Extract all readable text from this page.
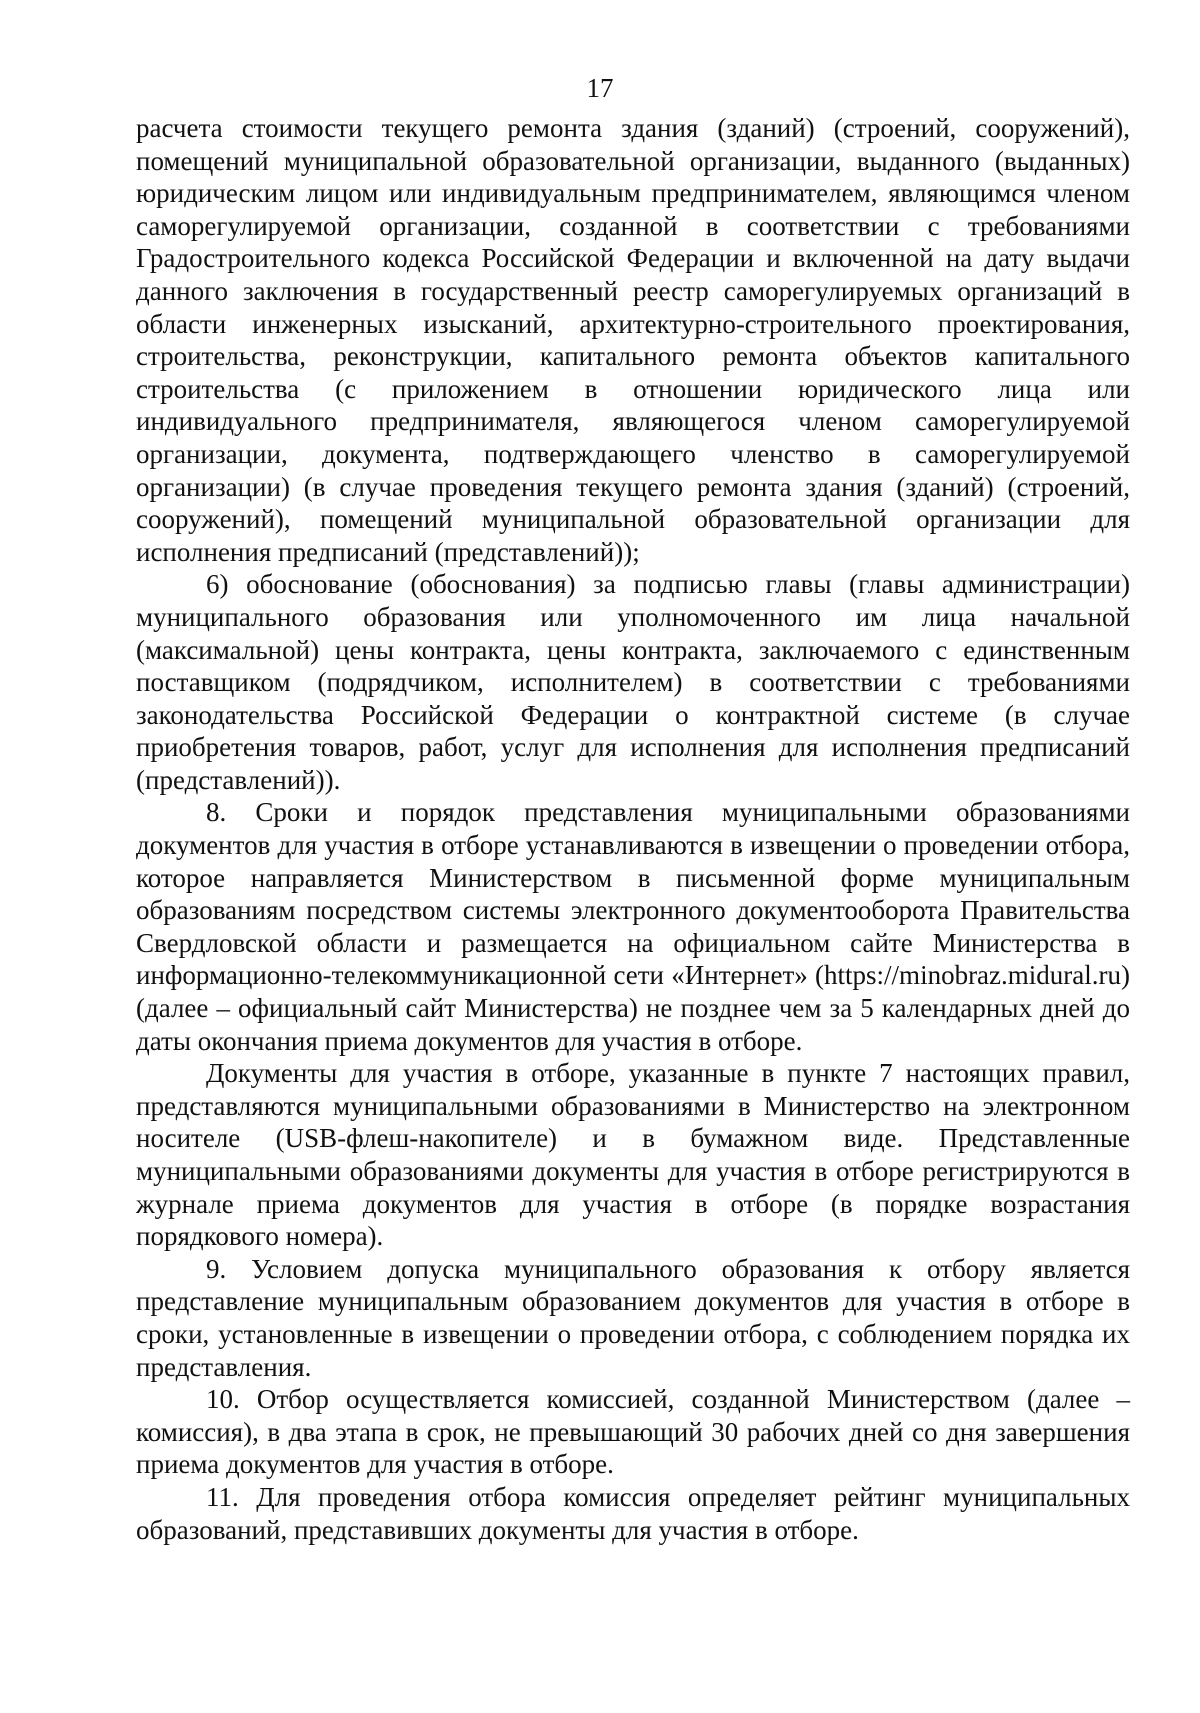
17

расчета стоимости текущего ремонта здания (зданий) (строений, сооружений), помещений муниципальной образовательной организации, выданного (выданных) юридическим лицом или индивидуальным предпринимателем, являющимся членом саморегулируемой организации, созданной в соответствии с требованиями Градостроительного кодекса Российской Федерации и включенной на дату выдачи данного заключения в государственный реестр саморегулируемых организаций в области инженерных изысканий, архитектурно-строительного проектирования, строительства, реконструкции, капитального ремонта объектов капитального строительства (с приложением в отношении юридического лица или индивидуального предпринимателя, являющегося членом саморегулируемой организации, документа, подтверждающего членство в саморегулируемой организации) (в случае проведения текущего ремонта здания (зданий) (строений, сооружений), помещений муниципальной образовательной организации для исполнения предписаний (представлений));

6) обоснование (обоснования) за подписью главы (главы администрации) муниципального образования или уполномоченного им лица начальной (максимальной) цены контракта, цены контракта, заключаемого с единственным поставщиком (подрядчиком, исполнителем) в соответствии с требованиями законодательства Российской Федерации о контрактной системе (в случае приобретения товаров, работ, услуг для исполнения для исполнения предписаний (представлений)).

8. Сроки и порядок представления муниципальными образованиями документов для участия в отборе устанавливаются в извещении о проведении отбора, которое направляется Министерством в письменной форме муниципальным образованиям посредством системы электронного документооборота Правительства Свердловской области и размещается на официальном сайте Министерства в информационно-телекоммуникационной сети «Интернет» (https://minobraz.midural.ru) (далее – официальный сайт Министерства) не позднее чем за 5 календарных дней до даты окончания приема документов для участия в отборе.

Документы для участия в отборе, указанные в пункте 7 настоящих правил, представляются муниципальными образованиями в Министерство на электронном носителе (USB-флеш-накопителе) и в бумажном виде. Представленные муниципальными образованиями документы для участия в отборе регистрируются в журнале приема документов для участия в отборе (в порядке возрастания порядкового номера).

9. Условием допуска муниципального образования к отбору является представление муниципальным образованием документов для участия в отборе в сроки, установленные в извещении о проведении отбора, с соблюдением порядка их представления.

10. Отбор осуществляется комиссией, созданной Министерством (далее – комиссия), в два этапа в срок, не превышающий 30 рабочих дней со дня завершения приема документов для участия в отборе.

11. Для проведения отбора комиссия определяет рейтинг муниципальных образований, представивших документы для участия в отборе.
